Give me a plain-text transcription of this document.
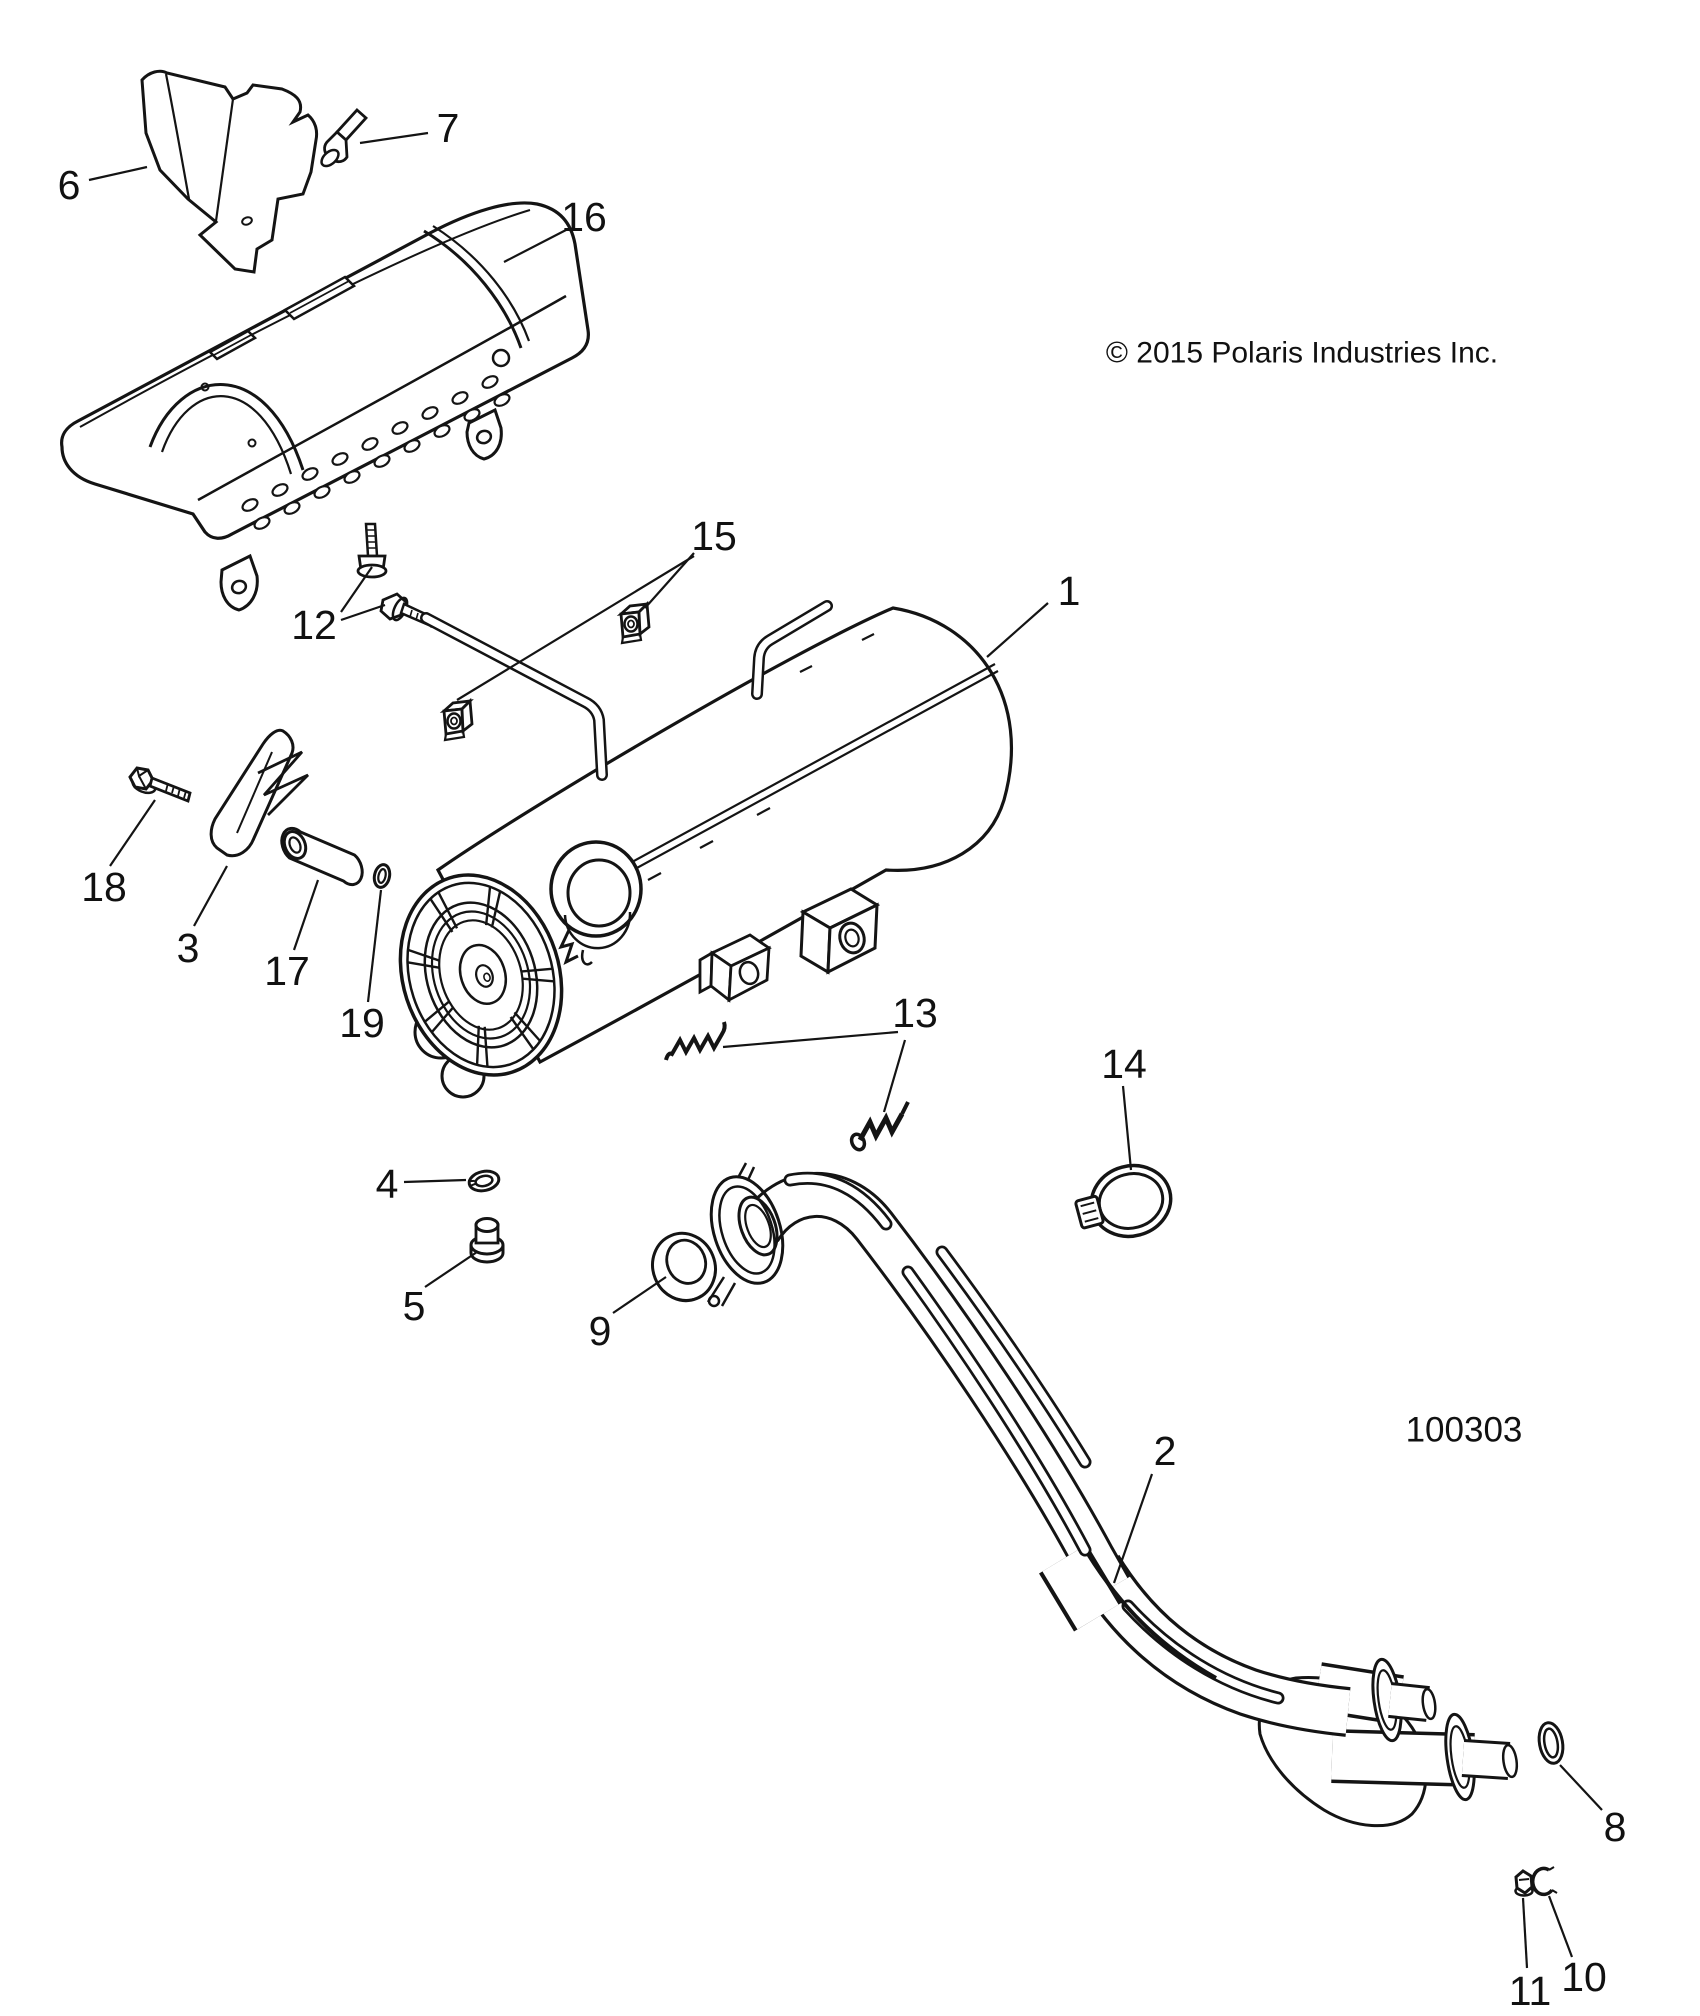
© 2015 Polaris Industries Inc.
100303
1
2
3
4
5
6
7
8
9
10
11
12
13
14
15
16
17
18
19
